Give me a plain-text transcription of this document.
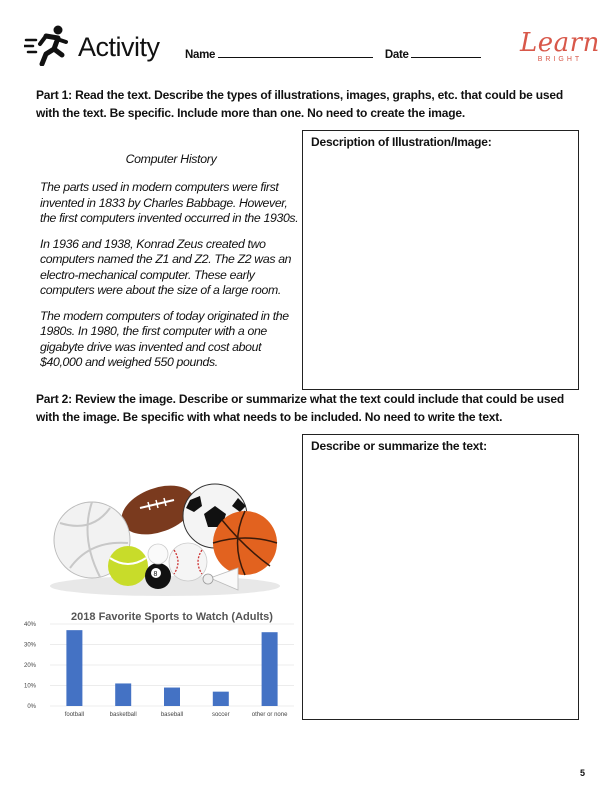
Activity Name	Date	Learn
BRIGHT
Part 1: Read the text. Describe the types of illustrations, images, graphs, etc. that could be used with the text. Be specific. Include more than one. No need to create the image.
Description of Illustration/Image:
Computer History

The parts used in modern computers were first invented in 1833 by Charles Babbage. However, the first computers invented occurred in the 1930s.

In 1936 and 1938, Konrad Zeus created two computers named the Z1 and Z2. The Z2 was an electro-mechanical computer. These early computers were about the size of a large room.

The modern computers of today originated in the 1980s. In 1980, the first computer with a one gigabyte drive was invented and cost about $40,000 and weighed 550 pounds.

Part 2: Review the image. Describe or summarize what the text could include that could be used with the image. Be specific with what needs to be included. No need to write the text.
Describe or summarize the text:
8
2018 Favorite Sports to Watch (Adults)
0%
10%
20%
30%
40%
football	basketball	baseball	soccer	other or none
5
